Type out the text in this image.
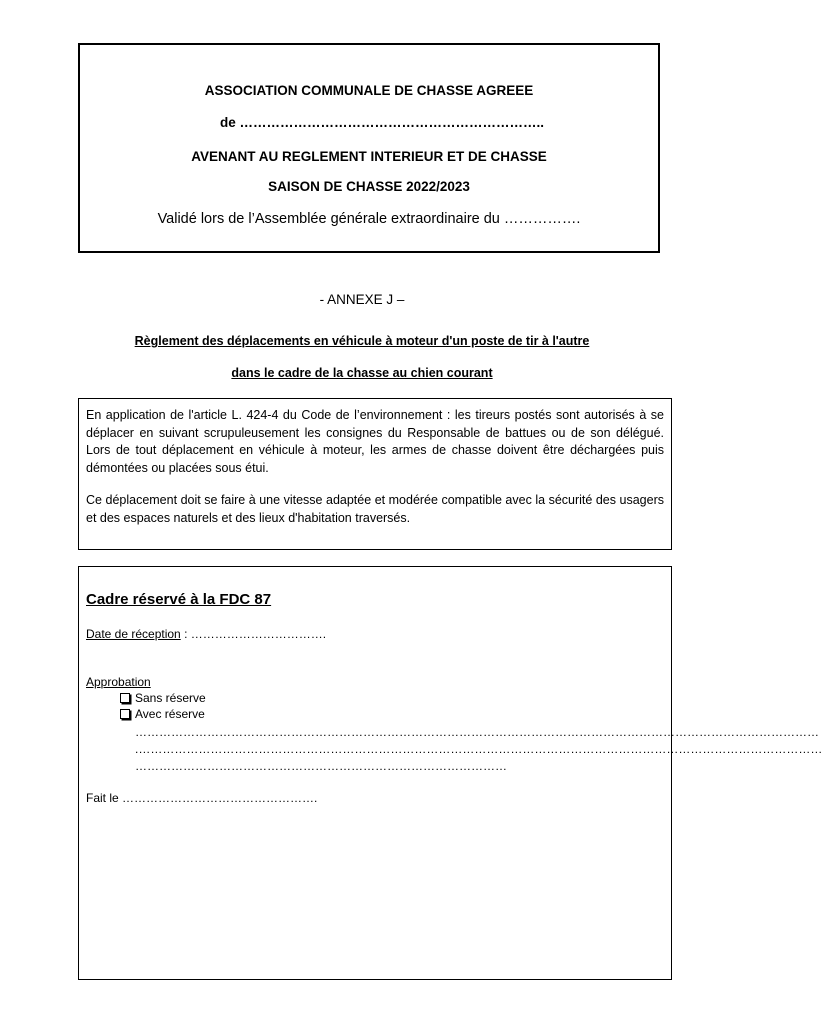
ASSOCIATION COMMUNALE DE CHASSE AGREEE
de …………………………………………………………..
AVENANT AU REGLEMENT INTERIEUR ET DE CHASSE
SAISON DE CHASSE 2022/2023
Validé lors de l’Assemblée générale extraordinaire du …………….
- ANNEXE J –
Règlement des déplacements en véhicule à moteur d'un poste de tir à l'autre
dans le cadre de la chasse au chien courant

En application de l'article L. 424-4 du Code de l’environnement : les tireurs postés sont autorisés à se déplacer en suivant scrupuleusement les consignes du Responsable de battues ou de son délégué. Lors de tout déplacement en véhicule à moteur, les armes de chasse doivent être déchargées puis démontées ou placées sous étui.

Ce déplacement doit se faire à une vitesse adaptée et modérée compatible avec la sécurité des usagers et des espaces naturels et des lieux d'habitation traversés.

Cadre réservé à la FDC 87
Date de réception : …………………………….
Approbation
Sans réserve
Avec réserve
………………………………………………………………………………………………………………………………………………………
.………………………………………………………………………………………………………………………………………………………
…………………………………………………………………………………
Fait le ………………………………………….
